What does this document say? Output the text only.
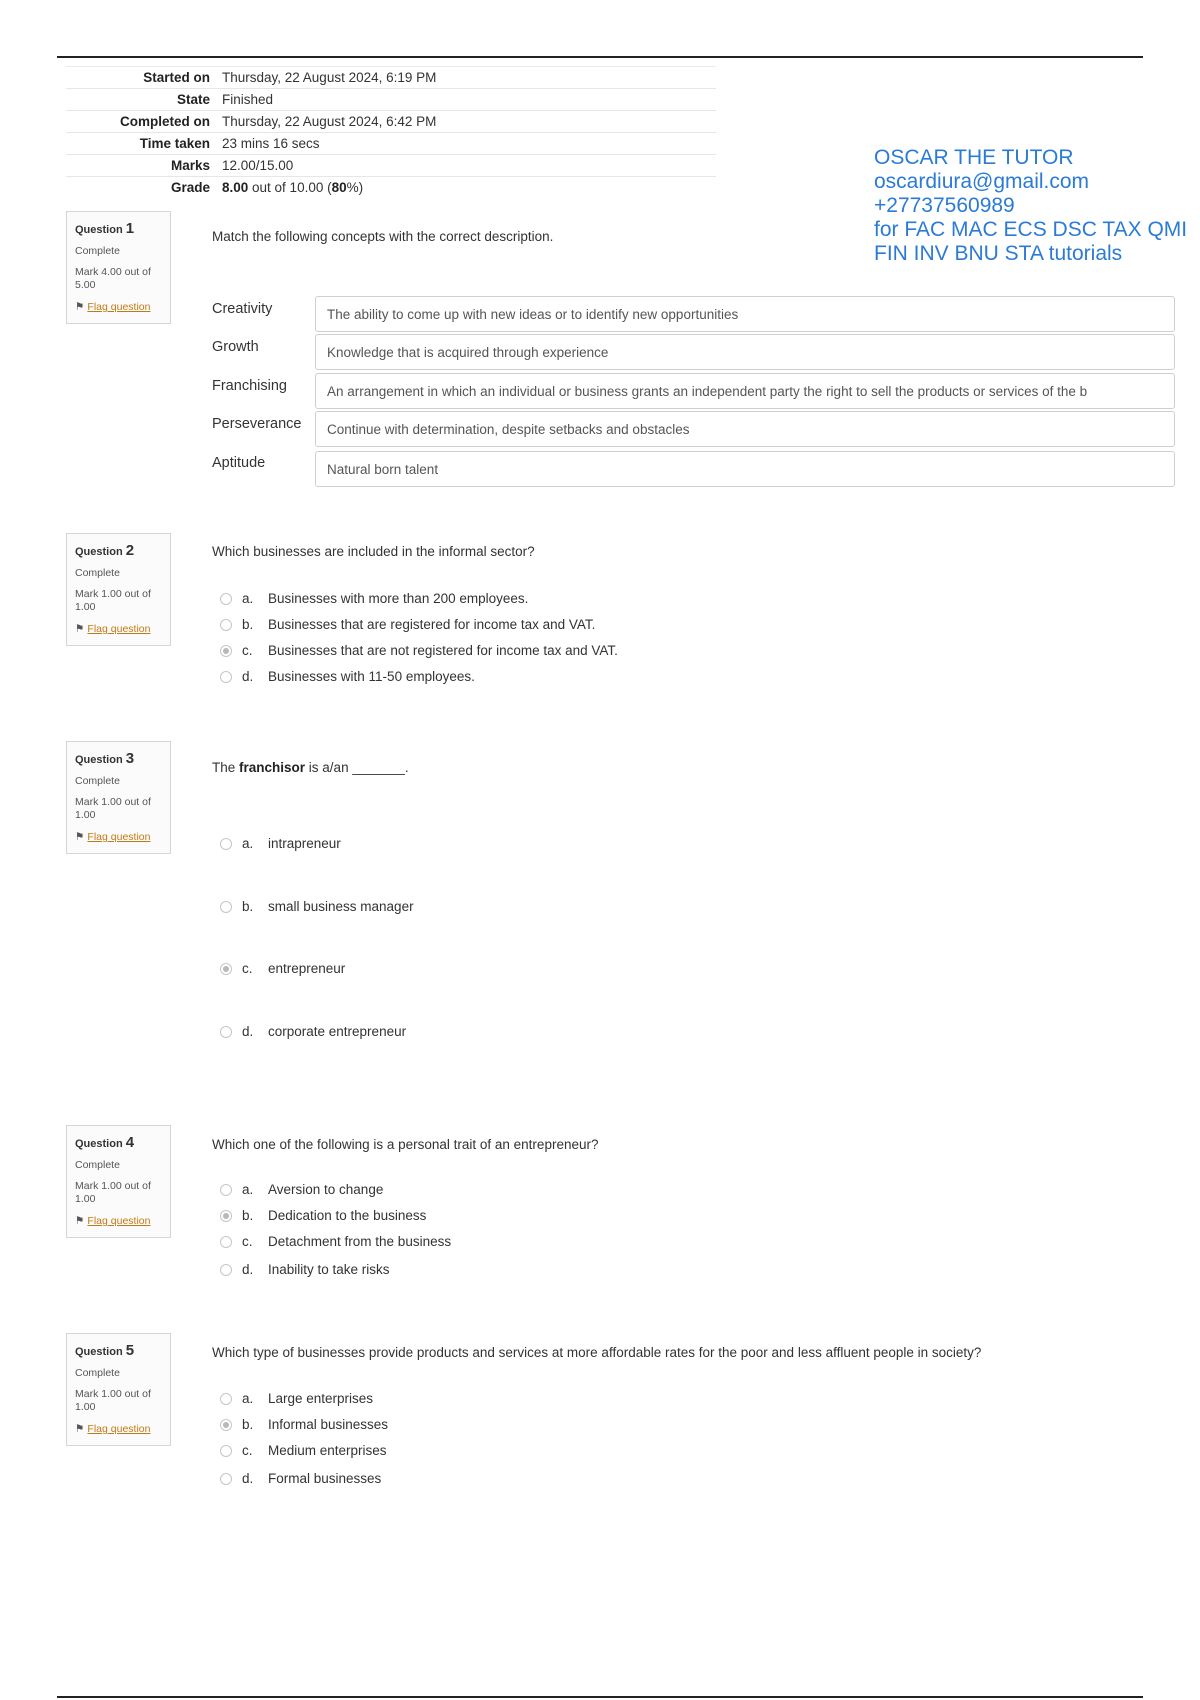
Started on	Thursday, 22 August 2024, 6:19 PM
State	Finished
Completed on	Thursday, 22 August 2024, 6:42 PM
Time taken	23 mins 16 secs
Marks	12.00/15.00
Grade	8.00 out of 10.00 (80%)
OSCAR THE TUTOR
oscardiura@gmail.com
+27737560989
for FAC MAC ECS DSC TAX QMI
FIN INV BNU STA tutorials
Question 1
Complete
Mark 4.00 out of 5.00
⚑ Flag question
Match the following concepts with the correct description.
Creativity	The ability to come up with new ideas or to identify new opportunities
Growth	Knowledge that is acquired through experience
Franchising	An arrangement in which an individual or business grants an independent party the right to sell the products or services of the b
Perseverance	Continue with determination, despite setbacks and obstacles
Aptitude	Natural born talent
Question 2
Complete
Mark 1.00 out of 1.00
⚑ Flag question
Which businesses are included in the informal sector?
a. Businesses with more than 200 employees.
b. Businesses that are registered for income tax and VAT.
c. Businesses that are not registered for income tax and VAT.
d. Businesses with 11-50 employees.
Question 3
Complete
Mark 1.00 out of 1.00
⚑ Flag question
The franchisor is a/an _______.
a. intrapreneur
b. small business manager
c. entrepreneur
d. corporate entrepreneur
Question 4
Complete
Mark 1.00 out of 1.00
⚑ Flag question
Which one of the following is a personal trait of an entrepreneur?
a. Aversion to change
b. Dedication to the business
c. Detachment from the business
d. Inability to take risks
Question 5
Complete
Mark 1.00 out of 1.00
⚑ Flag question
Which type of businesses provide products and services at more affordable rates for the poor and less affluent people in society?
a. Large enterprises
b. Informal businesses
c. Medium enterprises
d. Formal businesses
